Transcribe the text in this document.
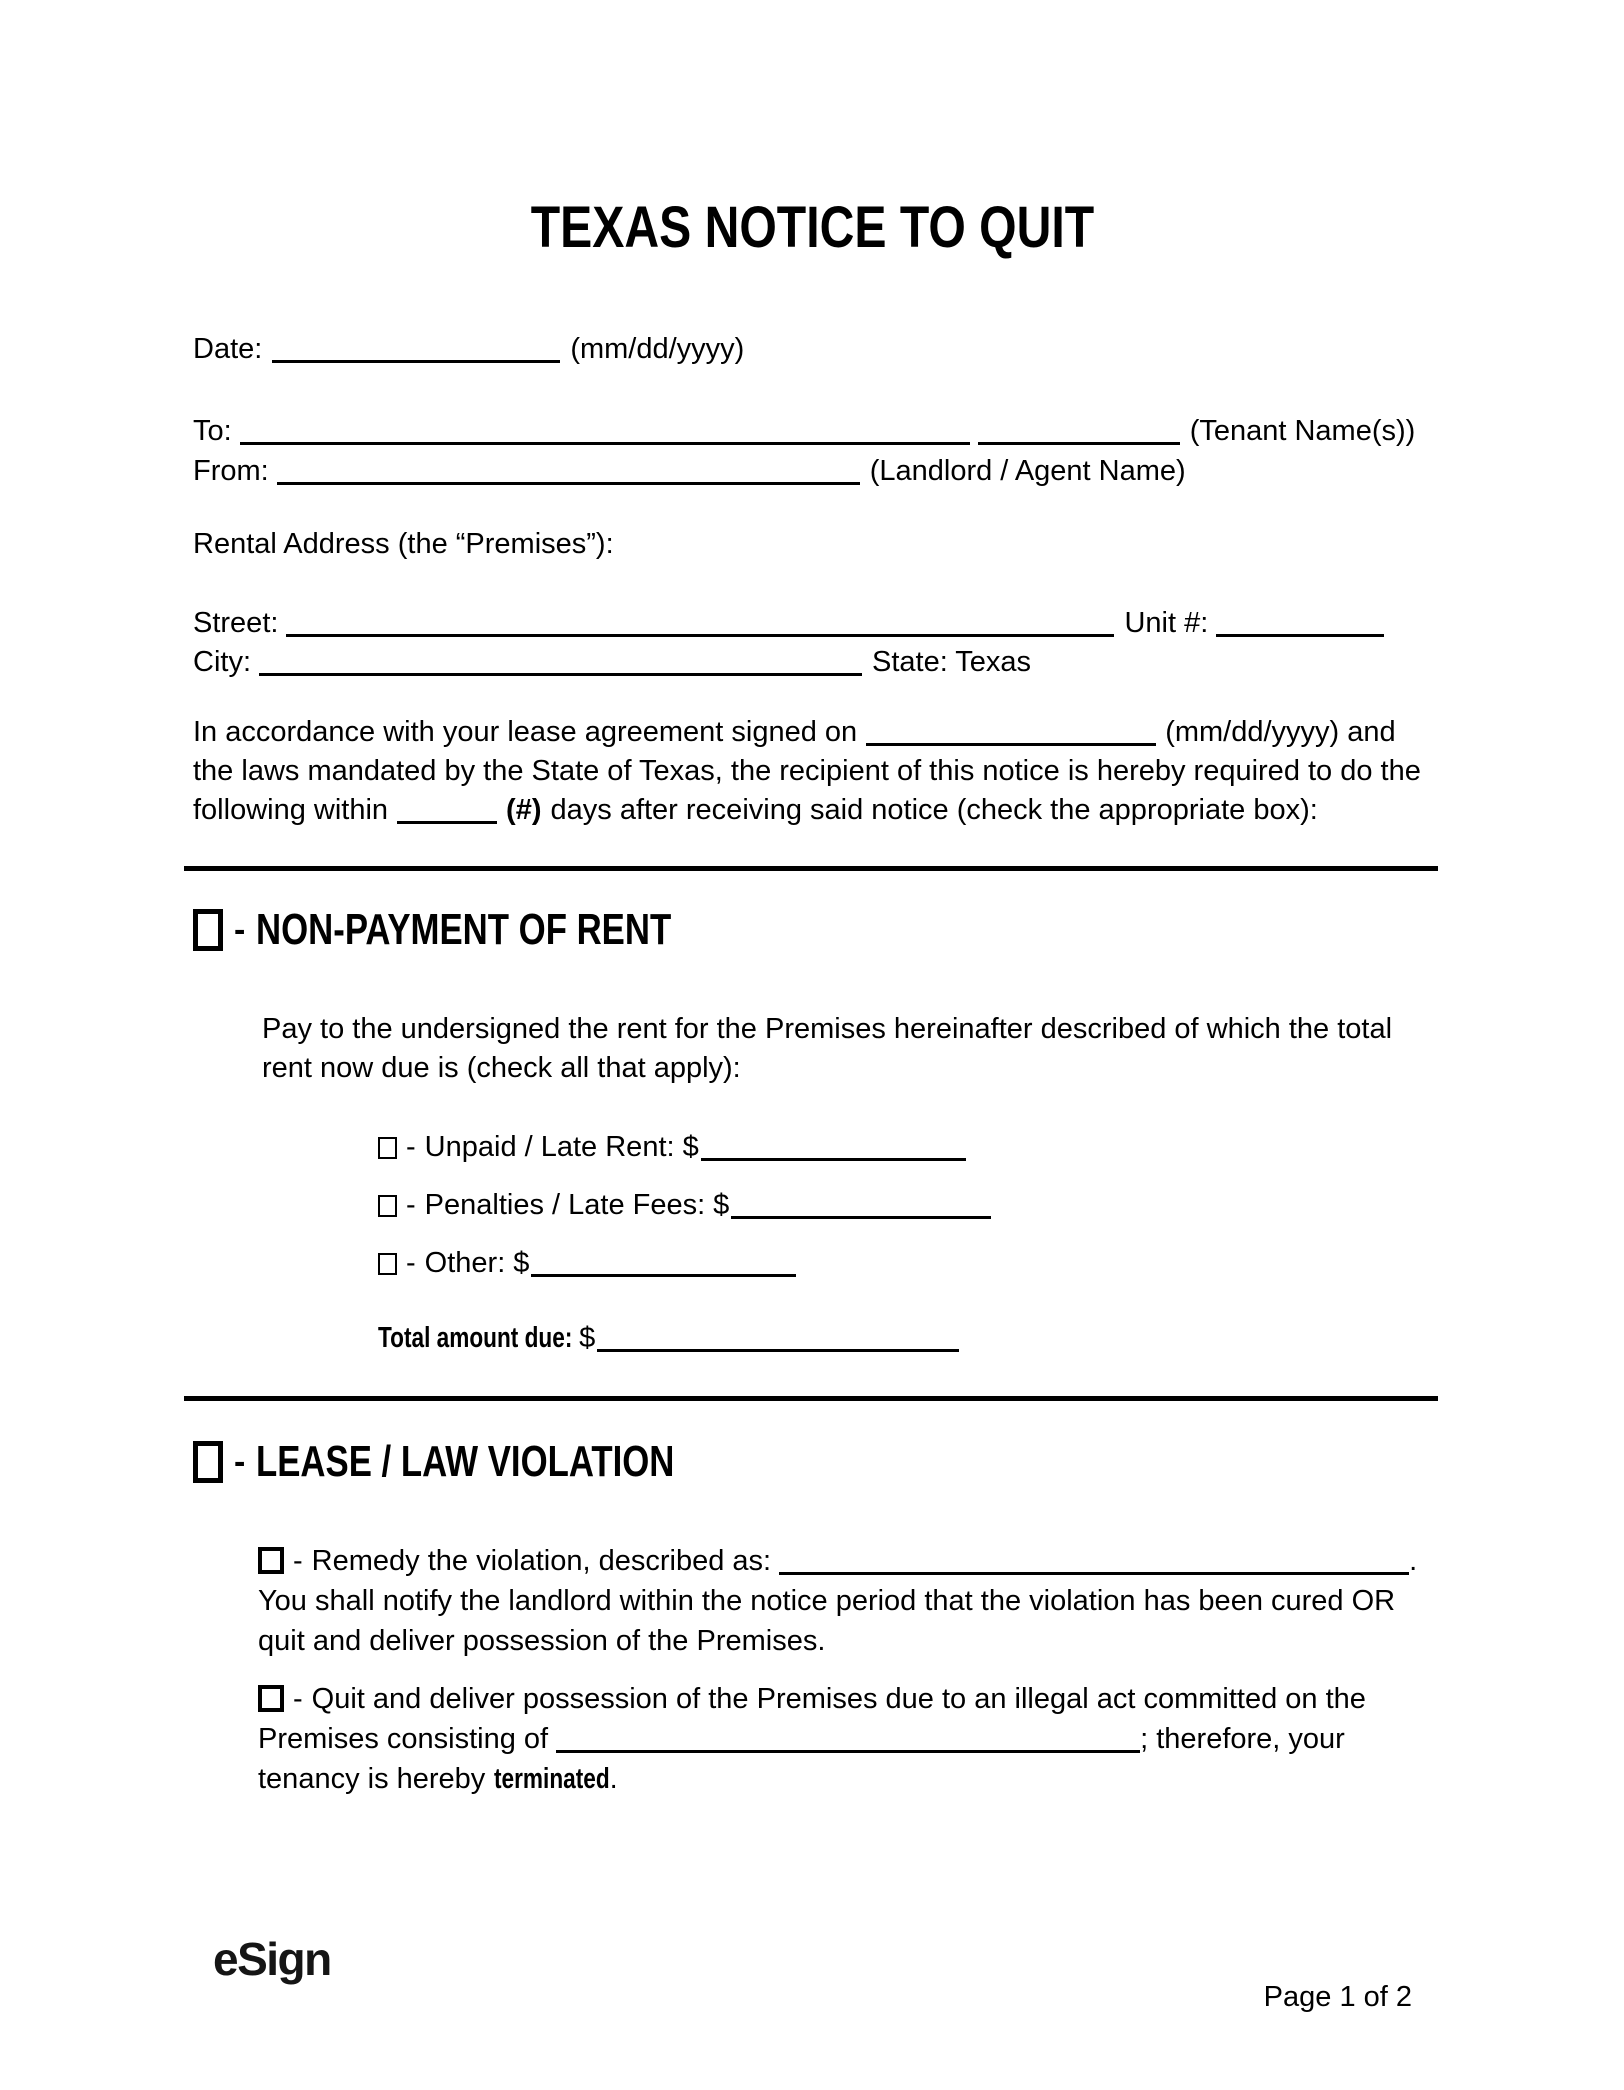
TEXAS NOTICE TO QUIT
Date:	(mm/dd/yyyy)
To:	(Tenant Name(s))
From:	(Landlord / Agent Name)
Rental Address (the “Premises”):
Street:	Unit #:
City:	State: Texas
In accordance with your lease agreement signed on	(mm/dd/yyyy) and
the laws mandated by the State of Texas, the recipient of this notice is hereby required to do the
following within	(#) days after receiving said notice (check the appropriate box):
- NON-PAYMENT OF RENT
Pay to the undersigned the rent for the Premises hereinafter described of which the total
rent now due is (check all that apply):
- Unpaid / Late Rent: $
- Penalties / Late Fees: $
- Other: $
Total amount due: $
- LEASE / LAW VIOLATION
- Remedy the violation, described as:	.
You shall notify the landlord within the notice period that the violation has been cured OR
quit and deliver possession of the Premises.
- Quit and deliver possession of the Premises due to an illegal act committed on the
Premises consisting of	; therefore, your
tenancy is hereby terminated.
eSign
Page 1 of 2
